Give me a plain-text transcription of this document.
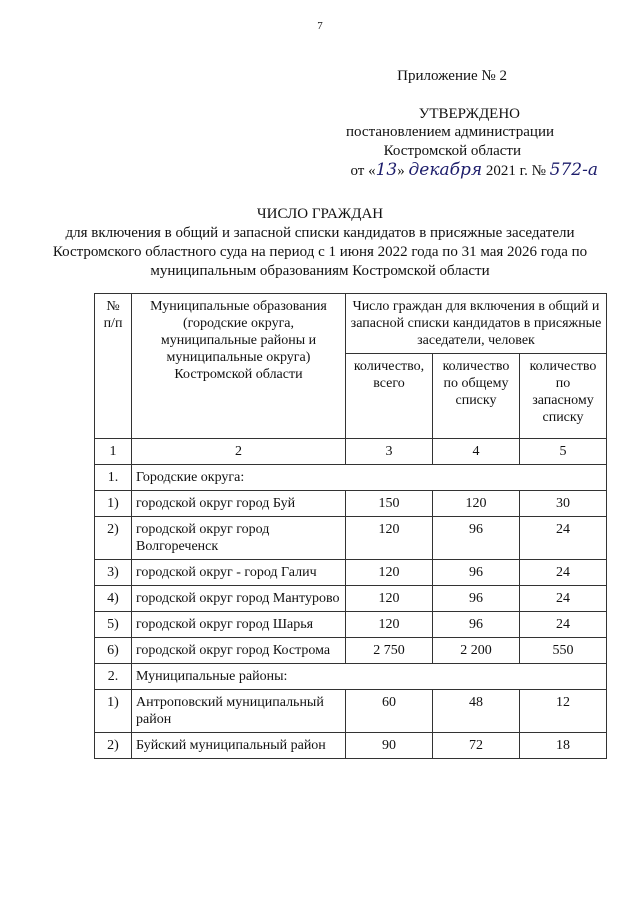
7
Приложение № 2
УТВЕРЖДЕНО
постановлением администрации
Костромской области
от «13» декабря 2021 г. № 572-а
ЧИСЛО ГРАЖДАН
для включения в общий и запасной списки кандидатов в присяжные заседатели Костромского областного суда на период с 1 июня 2022 года по 31 мая 2026 года по муниципальным образованиям Костромской области
№ п/п	Муниципальные образования (городские округа, муниципальные районы и муниципальные округа) Костромской области	Число граждан для включения в общий и запасной списки кандидатов в присяжные заседатели, человек		
		количество, всего	количество по общему списку	количество по запасному списку
1	2	3	4	5
1.	Городские округа:			
1)	городской округ город Буй	150	120	30
2)	городской округ город Волгореченск	120	96	24
3)	городской округ - город Галич	120	96	24
4)	городской округ город Мантурово	120	96	24
5)	городской округ город Шарья	120	96	24
6)	городской округ город Кострома	2 750	2 200	550
2.	Муниципальные районы:			
1)	Антроповский муниципальный район	60	48	12
2)	Буйский муниципальный район	90	72	18
